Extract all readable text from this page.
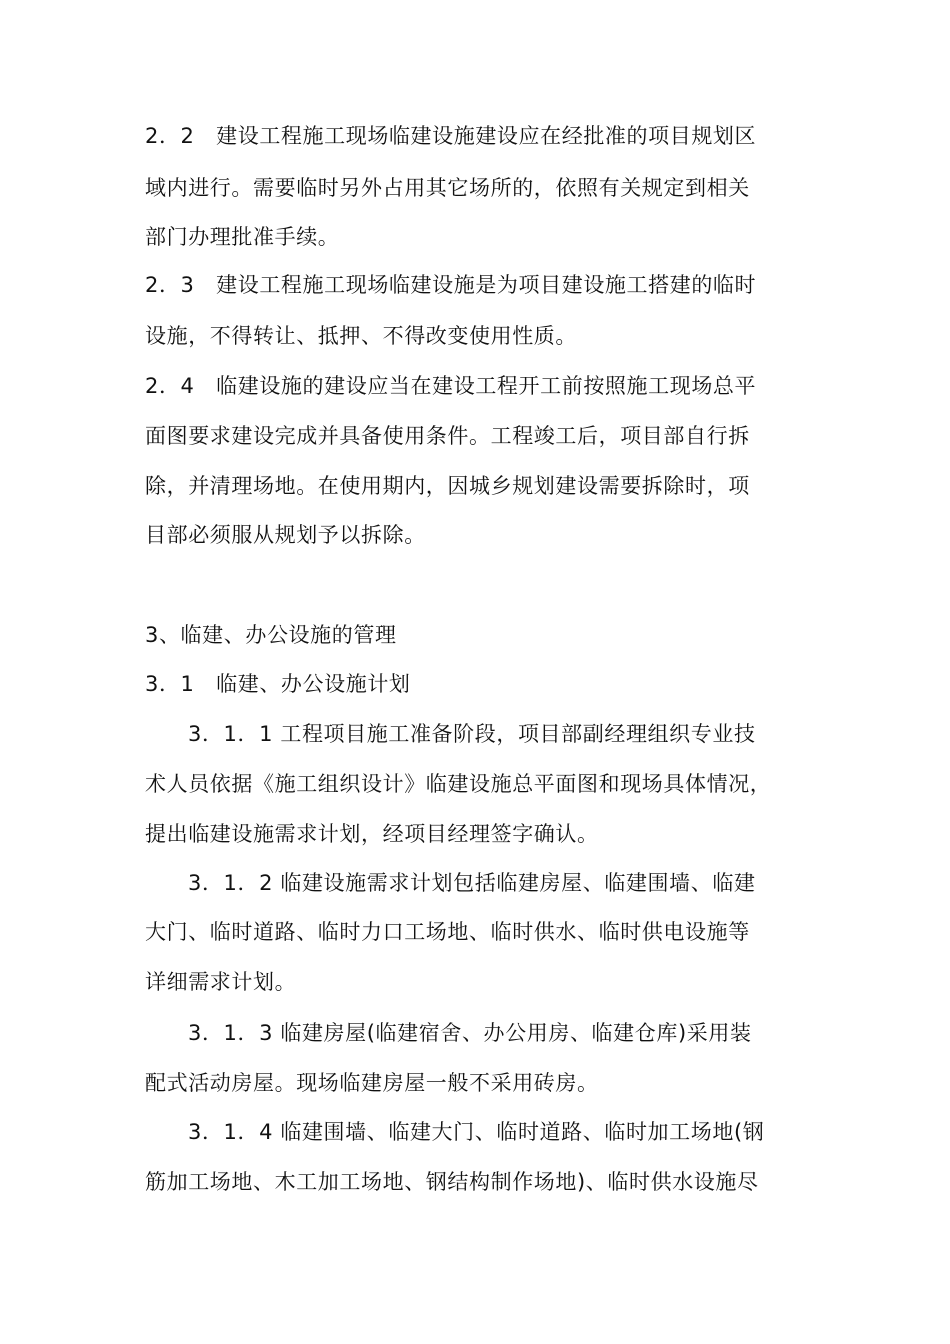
2．2　建设工程施工现场临建设施建设应在经批准的项目规划区
域内进行。需要临时另外占用其它场所的，依照有关规定到相关
部门办理批准手续。
2．3　建设工程施工现场临建设施是为项目建设施工搭建的临时
设施，不得转让、抵押、不得改变使用性质。
2．4　临建设施的建设应当在建设工程开工前按照施工现场总平
面图要求建设完成并具备使用条件。工程竣工后，项目部自行拆
除，并清理场地。在使用期内，因城乡规划建设需要拆除时，项
目部必须服从规划予以拆除。
3、临建、办公设施的管理
3．1　临建、办公设施计划
3．1．1 工程项目施工准备阶段，项目部副经理组织专业技
术人员依据《施工组织设计》临建设施总平面图和现场具体情况，
提出临建设施需求计划，经项目经理签字确认。
3．1．2 临建设施需求计划包括临建房屋、临建围墙、临建
大门、临时道路、临时力口工场地、临时供水、临时供电设施等
详细需求计划。
3．1．3 临建房屋(临建宿舍、办公用房、临建仓库)采用装
配式活动房屋。现场临建房屋一般不采用砖房。
3．1．4 临建围墙、临建大门、临时道路、临时加工场地(钢
筋加工场地、木工加工场地、钢结构制作场地)、临时供水设施尽
